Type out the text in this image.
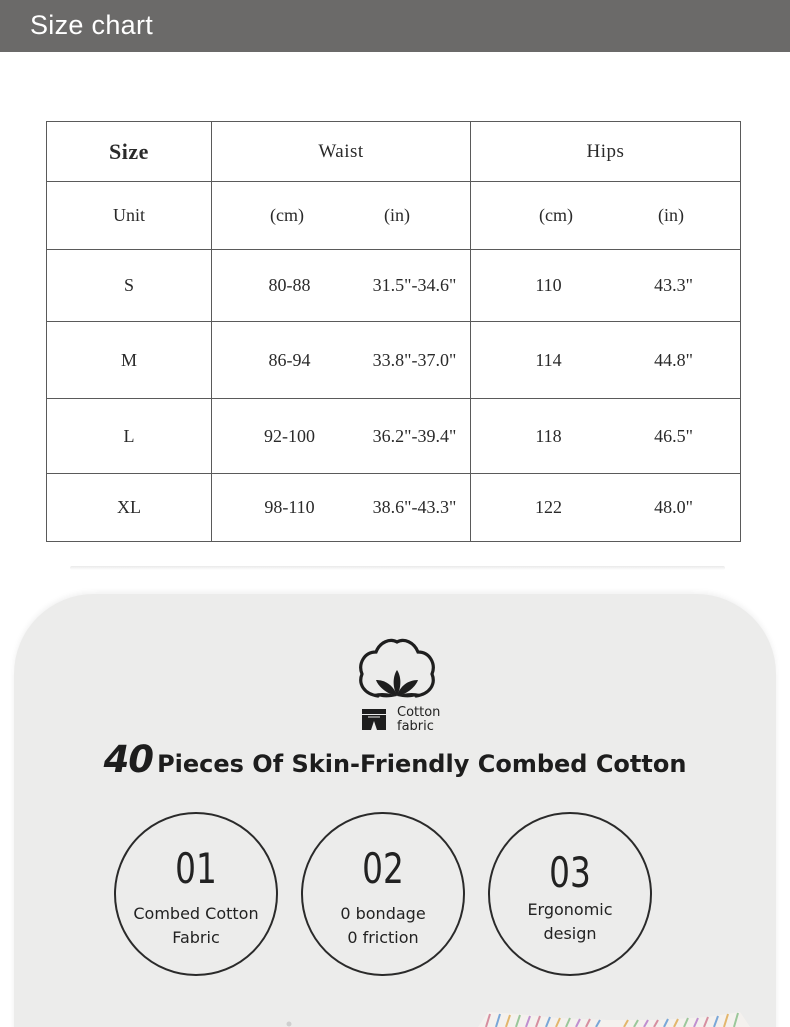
Size chart
Size	Waist	Hips
Unit	(cm) (in)	(cm) (in)

S	80-88 31.5"-34.6"	110 43.3"

M	86-94 33.8"-37.0"	114 44.8"

L	92-100 36.2"-39.4"	118 46.5"

XL	98-110 38.6"-43.3"	122 48.0"
Cotton
fabric
40 Pieces Of Skin-Friendly Combed Cotton
01
Combed Cotton
Fabric
02
0 bondage
0 friction
03
Ergonomic
design
